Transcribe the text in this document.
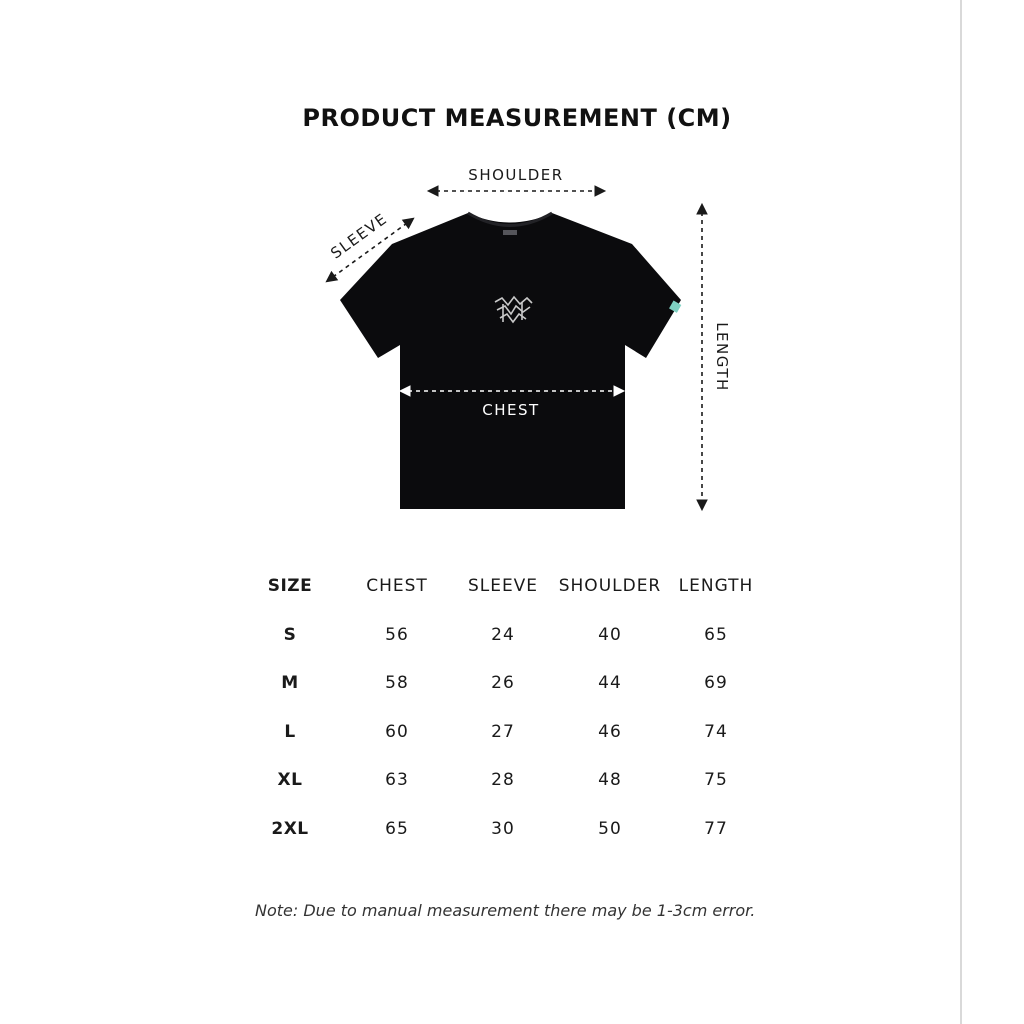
PRODUCT MEASUREMENT (CM)
SHOULDER
SLEEVE
CHEST
LENGTH
SIZE	CHEST	SLEEVE	SHOULDER	LENGTH
S	56	24	40	65
M	58	26	44	69
L	60	27	46	74
XL	63	28	48	75
2XL	65	30	50	77

Note: Due to manual measurement there may be 1-3cm error.
